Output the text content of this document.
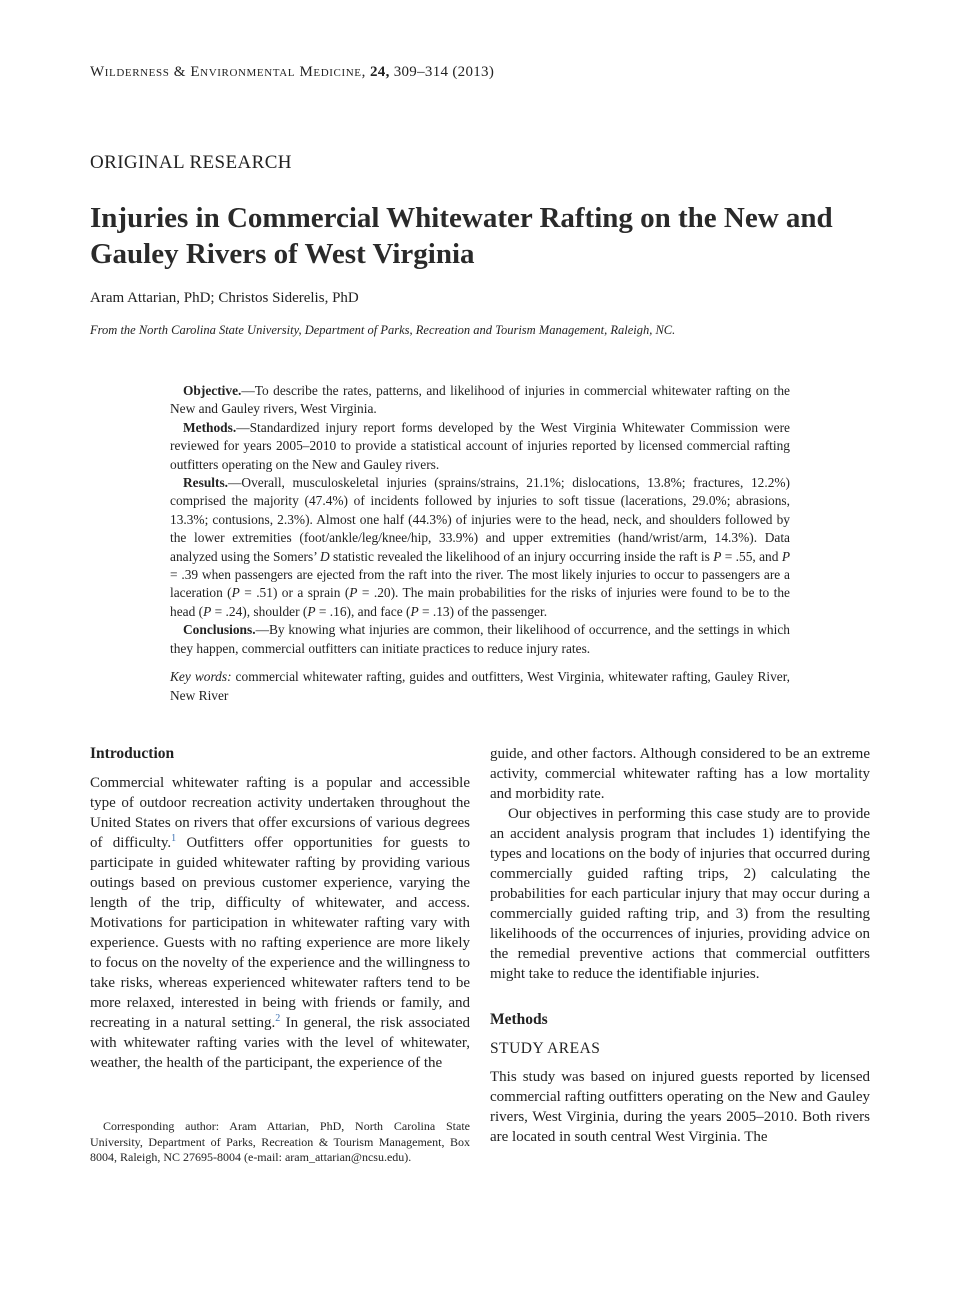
Wilderness & Environmental Medicine, 24, 309–314 (2013)
ORIGINAL RESEARCH
Injuries in Commercial Whitewater Rafting on the New and Gauley Rivers of West Virginia
Aram Attarian, PhD; Christos Siderelis, PhD
From the North Carolina State University, Department of Parks, Recreation and Tourism Management, Raleigh, NC.

Objective.—To describe the rates, patterns, and likelihood of injuries in commercial whitewater rafting on the New and Gauley rivers, West Virginia.

Methods.—Standardized injury report forms developed by the West Virginia Whitewater Commission were reviewed for years 2005–2010 to provide a statistical account of injuries reported by licensed commercial rafting outfitters operating on the New and Gauley rivers.

Results.—Overall, musculoskeletal injuries (sprains/strains, 21.1%; dislocations, 13.8%; fractures, 12.2%) comprised the majority (47.4%) of incidents followed by injuries to soft tissue (lacerations, 29.0%; abrasions, 13.3%; contusions, 2.3%). Almost one half (44.3%) of injuries were to the head, neck, and shoulders followed by the lower extremities (foot/ankle/leg/knee/hip, 33.9%) and upper extremities (hand/wrist/arm, 14.3%). Data analyzed using the Somers’ D statistic revealed the likelihood of an injury occurring inside the raft is P = .55, and P = .39 when passengers are ejected from the raft into the river. The most likely injuries to occur to passengers are a laceration (P = .51) or a sprain (P = .20). The main probabilities for the risks of injuries were found to be to the head (P = .24), shoulder (P = .16), and face (P = .13) of the passenger.

Conclusions.—By knowing what injuries are common, their likelihood of occurrence, and the settings in which they happen, commercial outfitters can initiate practices to reduce injury rates.

Key words: commercial whitewater rafting, guides and outfitters, West Virginia, whitewater rafting, Gauley River, New River

Introduction

Commercial whitewater rafting is a popular and accessible type of outdoor recreation activity undertaken throughout the United States on rivers that offer excursions of various degrees of difficulty.$^1$ Outfitters offer opportunities for guests to participate in guided whitewater rafting by providing various outings based on previous customer experience, varying the length of the trip, difficulty of whitewater, and access. Motivations for participation in whitewater rafting vary with experience. Guests with no rafting experience are more likely to focus on the novelty of the experience and the willingness to take risks, whereas experienced whitewater rafters tend to be more relaxed, interested in being with friends or family, and recreating in a natural setting.$^2$ In general, the risk associated with whitewater rafting varies with the level of whitewater, weather, the health of the participant, the experience of the

Corresponding author: Aram Attarian, PhD, North Carolina State University, Department of Parks, Recreation & Tourism Management, Box 8004, Raleigh, NC 27695-8004 (e-mail: aram_attarian@ncsu.edu).

guide, and other factors. Although considered to be an extreme activity, commercial whitewater rafting has a low mortality and morbidity rate.

Our objectives in performing this case study are to provide an accident analysis program that includes 1) identifying the types and locations on the body of injuries that occurred during commercially guided rafting trips, 2) calculating the probabilities for each particular injury that may occur during a commercially guided rafting trip, and 3) from the resulting likelihoods of the occurrences of injuries, providing advice on the remedial preventive actions that commercial outfitters might take to reduce the identifiable injuries.

Methods
STUDY AREAS

This study was based on injured guests reported by licensed commercial rafting outfitters operating on the New and Gauley rivers, West Virginia, during the years 2005–2010. Both rivers are located in south central West Virginia. The
